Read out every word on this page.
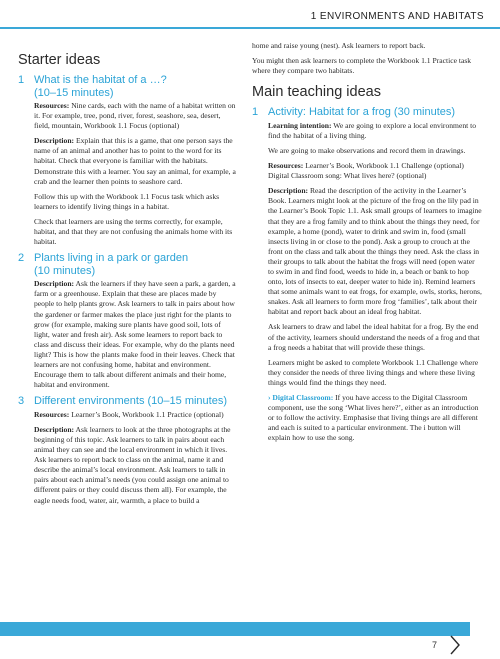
1 ENVIRONMENTS AND HABITATS
Starter ideas
1 What is the habitat of a …?
(10–15 minutes)

Resources: Nine cards, each with the name of a habitat written on it. For example, tree, pond, river, forest, seashore, sea, desert, field, mountain, Workbook 1.1 Focus (optional)

Description: Explain that this is a game, that one person says the name of an animal and another has to point to the word for its habitat. Check that everyone is familiar with the habitats. Demonstrate this with a learner. You say an animal, for example, a crab and the learner then points to seashore card.

Follow this up with the Workbook 1.1 Focus task which asks learners to identify living things in a habitat.

Check that learners are using the terms correctly, for example, habitat, and that they are not confusing the animals home with its habitat.

2 Plants living in a park or garden
(10 minutes)

Description: Ask the learners if they have seen a park, a garden, a farm or a greenhouse. Explain that these are places made by people to help plants grow. Ask learners to talk in pairs about how the gardener or farmer makes the place just right for the plants to grow (for example, making sure plants have good soil, lots of light, water and fresh air). Ask some learners to report back to class and discuss their ideas. For example, why do the plants need light? This is how the plants make food in their leaves. Check that learners are not confusing home, habitat and environment. Encourage them to talk about different animals and their home, habitat and environment.

3 Different environments (10–15 minutes)

Resources: Learner’s Book, Workbook 1.1 Practice (optional)

Description: Ask learners to look at the three photographs at the beginning of this topic. Ask learners to talk in pairs about each animal they can see and the local environment in which it lives. Ask learners to report back to class on the animal, name it and describe the animal’s local environment. Ask learners to talk in pairs about each animal’s needs (you could assign one animal to different pairs or they could discuss them all). For example, the eagle needs food, water, air, warmth, a place to build a

home and raise young (nest). Ask learners to report back.

You might then ask learners to complete the Workbook 1.1 Practice task where they compare two habitats.

Main teaching ideas
1 Activity: Habitat for a frog (30 minutes)

Learning intention: We are going to explore a local environment to find the habitat of a living thing.

We are going to make observations and record them in drawings.

Resources: Learner’s Book, Workbook 1.1 Challenge (optional) Digital Classroom song: What lives here? (optional)

Description: Read the description of the activity in the Learner’s Book. Learners might look at the picture of the frog on the lily pad in the Learner’s Book Topic 1.1. Ask small groups of learners to imagine that they are a frog family and to think about the things they need, for example, a home (pond), water to drink and swim in, food (small insects living in or close to the pond). Ask a group to crouch at the front on the class and talk about the things they need. Ask the class in their groups to talk about the habitat the frogs will need (open water to swim in and find food, weeds to hide in, a beach or bank to hop onto, lots of insects to eat, deeper water to hide in). Remind learners that some animals want to eat frogs, for example, owls, storks, herons, snakes. Ask all learners to form more frog ‘families’, talk about their habitat and report back about an ideal frog habitat.

Ask learners to draw and label the ideal habitat for a frog. By the end of the activity, learners should understand the needs of a frog and that a frog needs a habitat that will provide these things.

Learners might be asked to complete Workbook 1.1 Challenge where they consider the needs of three living things and where these living things would find the things they need.

› Digital Classroom: If you have access to the Digital Classroom component, use the song ‘What lives here?’, either as an introduction or to follow the activity. Emphasise that living things are all different and each is suited to a particular environment. The i button will explain how to use the song.

7
